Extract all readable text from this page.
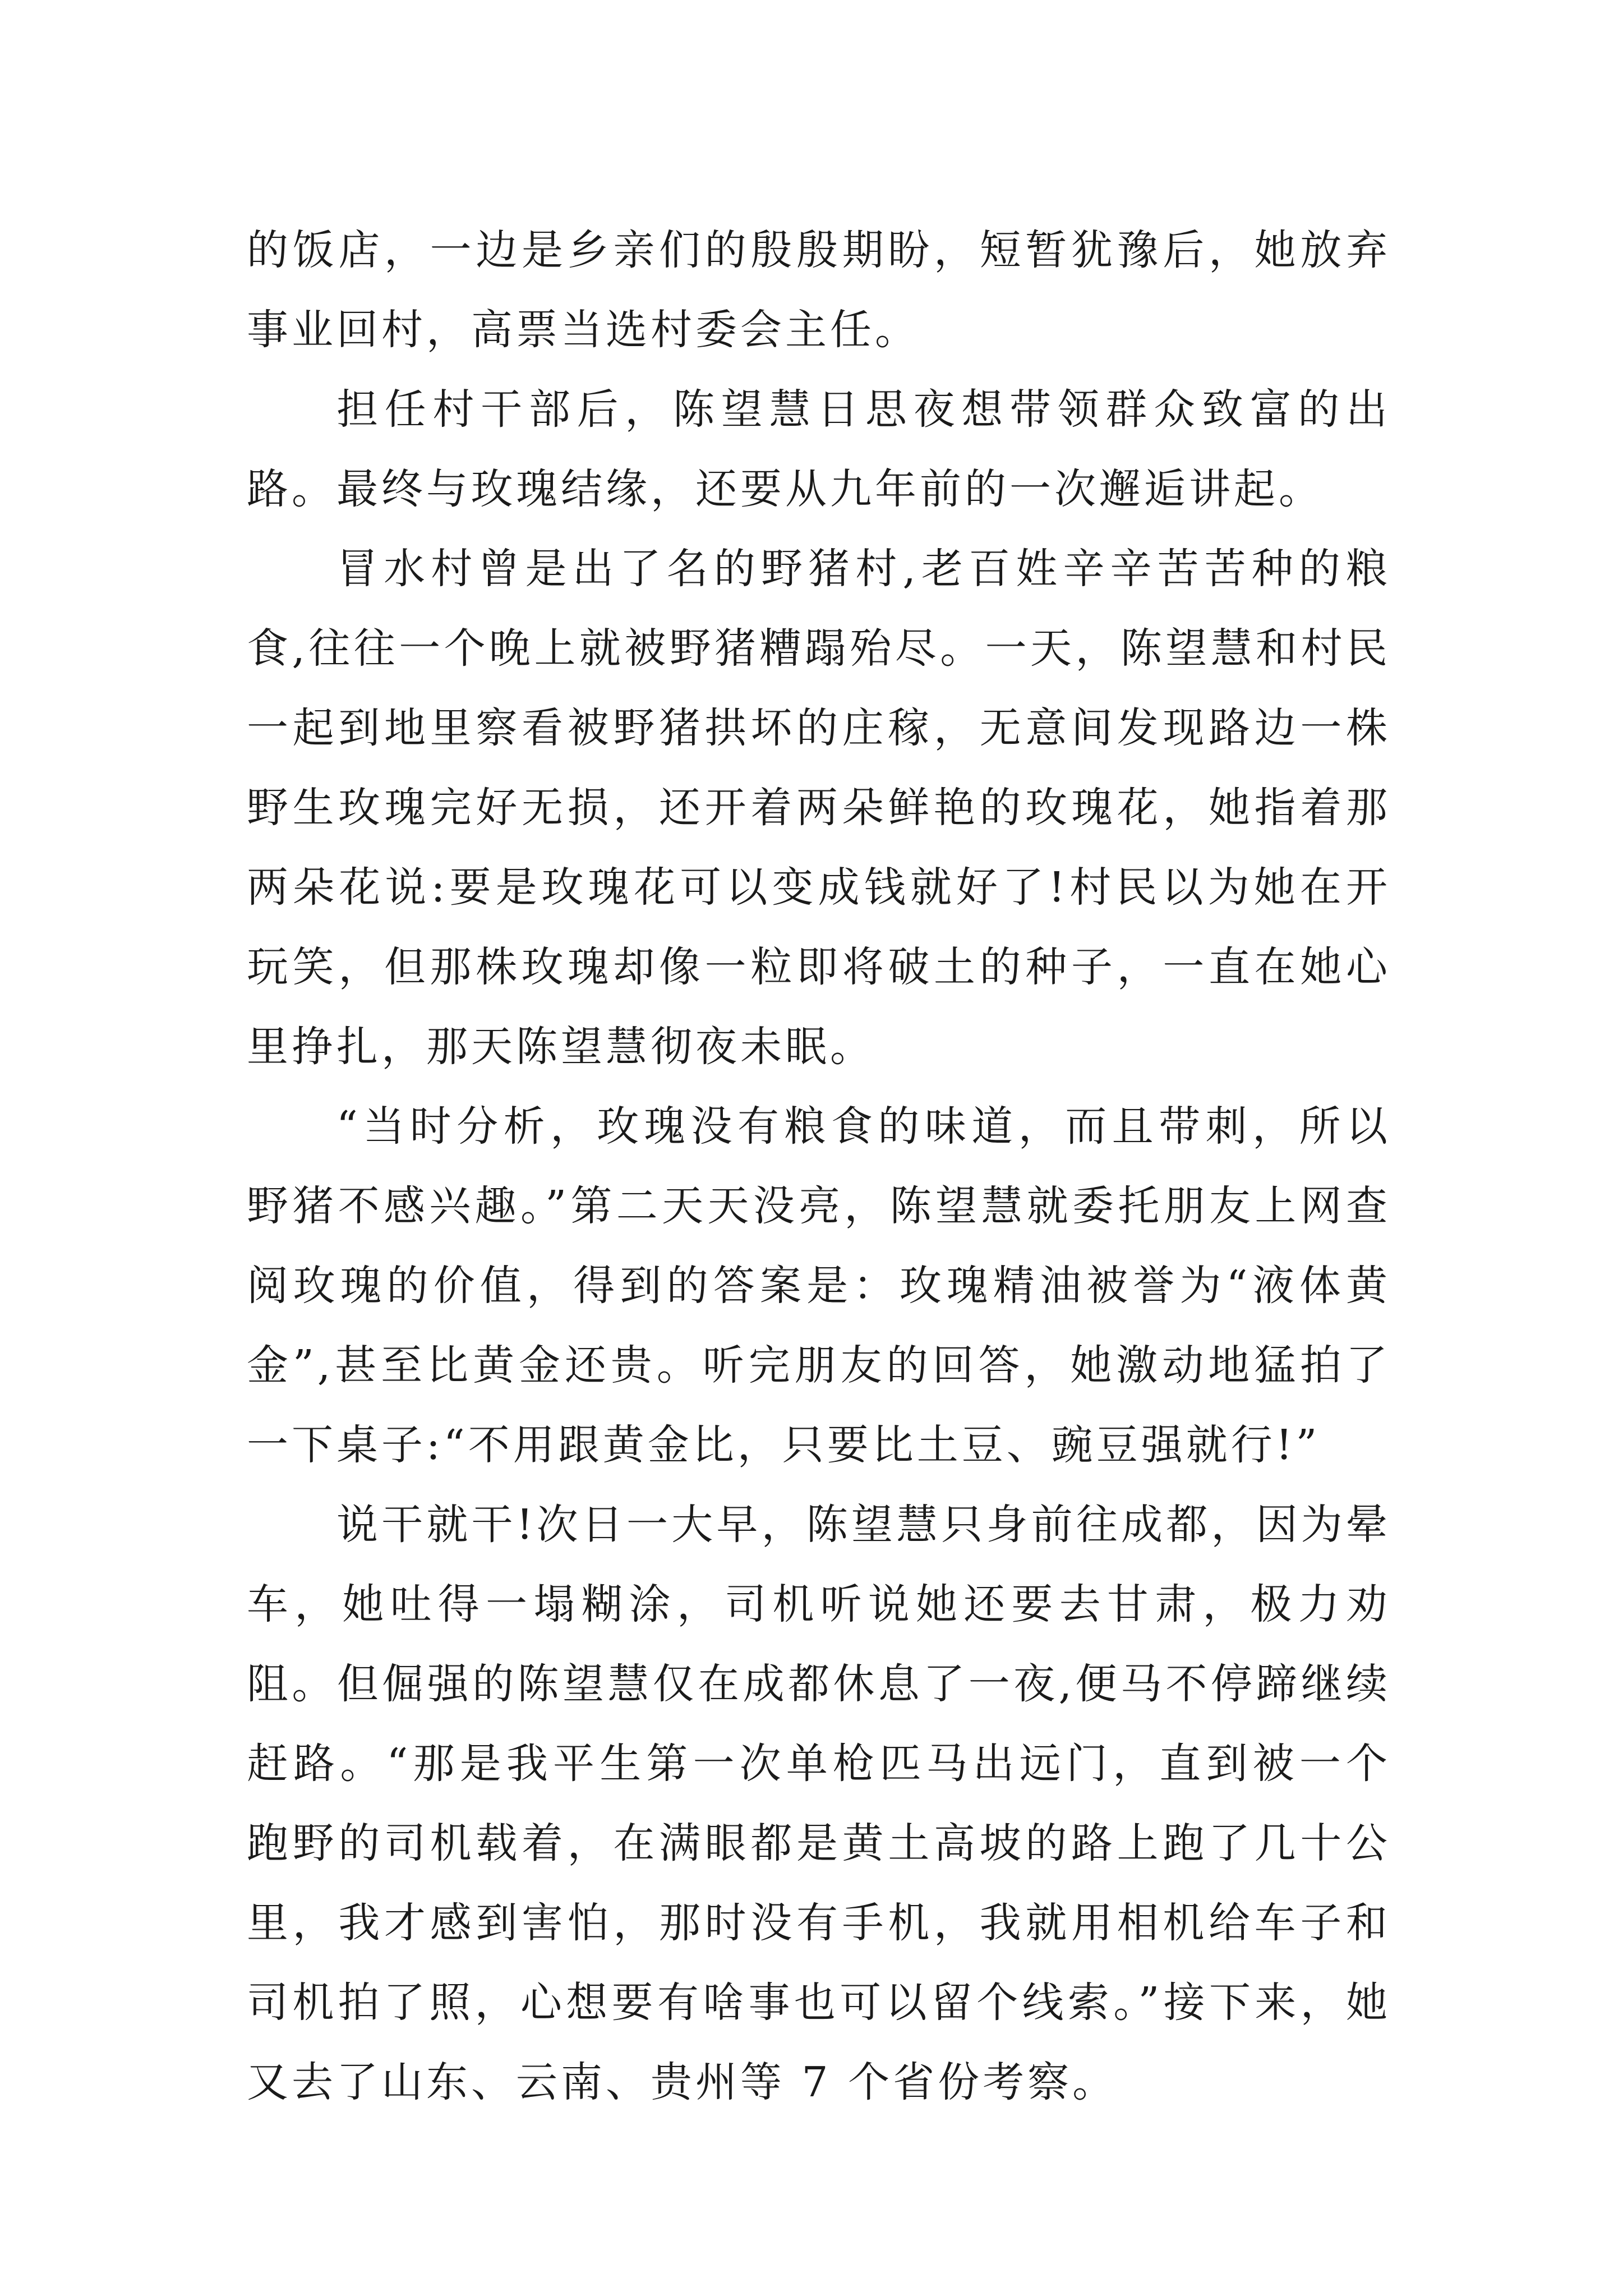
的饭店，一边是乡亲们的殷殷期盼，短暂犹豫后，她放弃事业回村，高票当选村委会主任。

担任村干部后，陈望慧日思夜想带领群众致富的出路。最终与玫瑰结缘，还要从九年前的一次邂逅讲起。

冒水村曾是出了名的野猪村,老百姓辛辛苦苦种的粮食,往往一个晚上就被野猪糟蹋殆尽。一天，陈望慧和村民一起到地里察看被野猪拱坏的庄稼，无意间发现路边一株野生玫瑰完好无损，还开着两朵鲜艳的玫瑰花，她指着那两朵花说:要是玫瑰花可以变成钱就好了!村民以为她在开玩笑，但那株玫瑰却像一粒即将破土的种子，一直在她心里挣扎，那天陈望慧彻夜未眠。

“当时分析，玫瑰没有粮食的味道，而且带刺，所以野猪不感兴趣。”第二天天没亮，陈望慧就委托朋友上网查阅玫瑰的价值，得到的答案是：玫瑰精油被誉为“液体黄金”,甚至比黄金还贵。听完朋友的回答，她激动地猛拍了一下桌子:“不用跟黄金比，只要比土豆、豌豆强就行!”

说干就干!次日一大早，陈望慧只身前往成都，因为晕车，她吐得一塌糊涂，司机听说她还要去甘肃，极力劝阻。但倔强的陈望慧仅在成都休息了一夜,便马不停蹄继续赶路。“那是我平生第一次单枪匹马出远门，直到被一个跑野的司机载着，在满眼都是黄土高坡的路上跑了几十公里，我才感到害怕，那时没有手机，我就用相机给车子和司机拍了照，心想要有啥事也可以留个线索。”接下来，她又去了山东、云南、贵州等 7 个省份考察。
